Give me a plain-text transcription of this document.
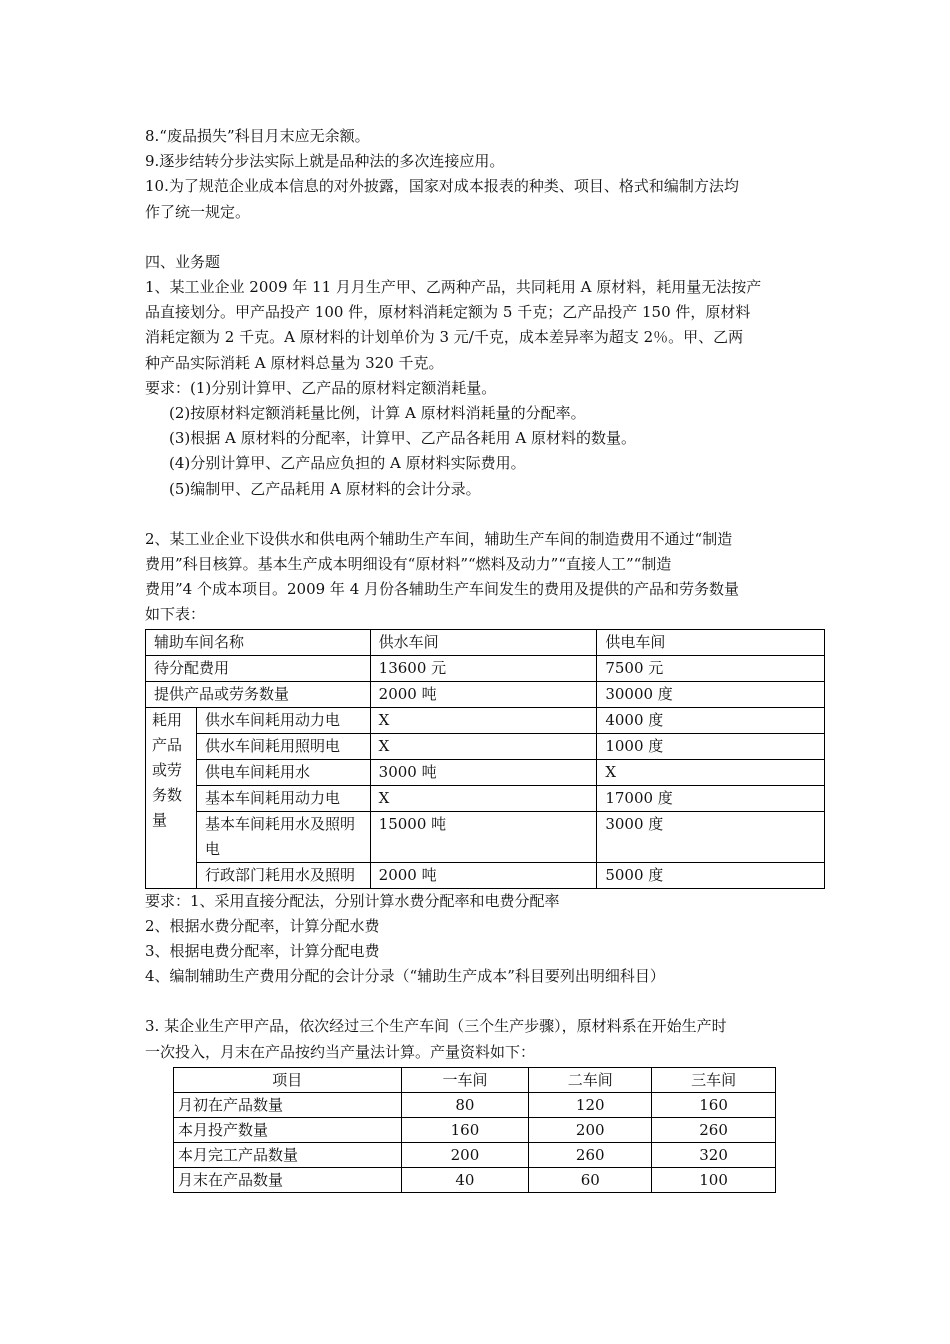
8.“废品损失”科目月末应无余额。

9.逐步结转分步法实际上就是品种法的多次连接应用。

10.为了规范企业成本信息的对外披露，国家对成本报表的种类、项目、格式和编制方法均

作了统一规定。

四、业务题

1、某工业企业 2009 年 11 月月生产甲、乙两种产品，共同耗用 A 原材料，耗用量无法按产

品直接划分。甲产品投产 100 件，原材料消耗定额为 5 千克；乙产品投产 150 件，原材料

消耗定额为 2 千克。A 原材料的计划单价为 3 元/千克，成本差异率为超支 2％。甲、乙两

种产品实际消耗 A 原材料总量为 320 千克。

要求：(1)分别计算甲、乙产品的原材料定额消耗量。

(2)按原材料定额消耗量比例，计算 A 原材料消耗量的分配率。

(3)根据 A 原材料的分配率，计算甲、乙产品各耗用 A 原材料的数量。

(4)分别计算甲、乙产品应负担的 A 原材料实际费用。

(5)编制甲、乙产品耗用 A 原材料的会计分录。

2、某工业企业下设供水和供电两个辅助生产车间，辅助生产车间的制造费用不通过“制造

费用”科目核算。基本生产成本明细设有“原材料”“燃料及动力”“直接人工”“制造

费用”4 个成本项目。2009 年 4 月份各辅助生产车间发生的费用及提供的产品和劳务数量

如下表：

辅助车间名称		供水车间	供电车间
待分配费用		13600 元	7500 元
提供产品或劳务数量		2000 吨	30000 度
耗用产品或劳务数量	供水车间耗用动力电	X	4000 度
	供水车间耗用照明电	X	1000 度
	供电车间耗用水	3000 吨	X
	基本车间耗用动力电	X	17000 度
	基本车间耗用水及照明电	15000 吨	3000 度
	行政部门耗用水及照明	2000 吨	5000 度

要求：1、采用直接分配法，分别计算水费分配率和电费分配率

2、根据水费分配率，计算分配水费

3、根据电费分配率，计算分配电费

4、编制辅助生产费用分配的会计分录（“辅助生产成本”科目要列出明细科目）

3. 某企业生产甲产品，依次经过三个生产车间（三个生产步骤），原材料系在开始生产时

一次投入，月末在产品按约当产量法计算。产量资料如下：

项目	一车间	二车间	三车间
月初在产品数量	80	120	160
本月投产数量	160	200	260
本月完工产品数量	200	260	320
月末在产品数量	40	60	100
